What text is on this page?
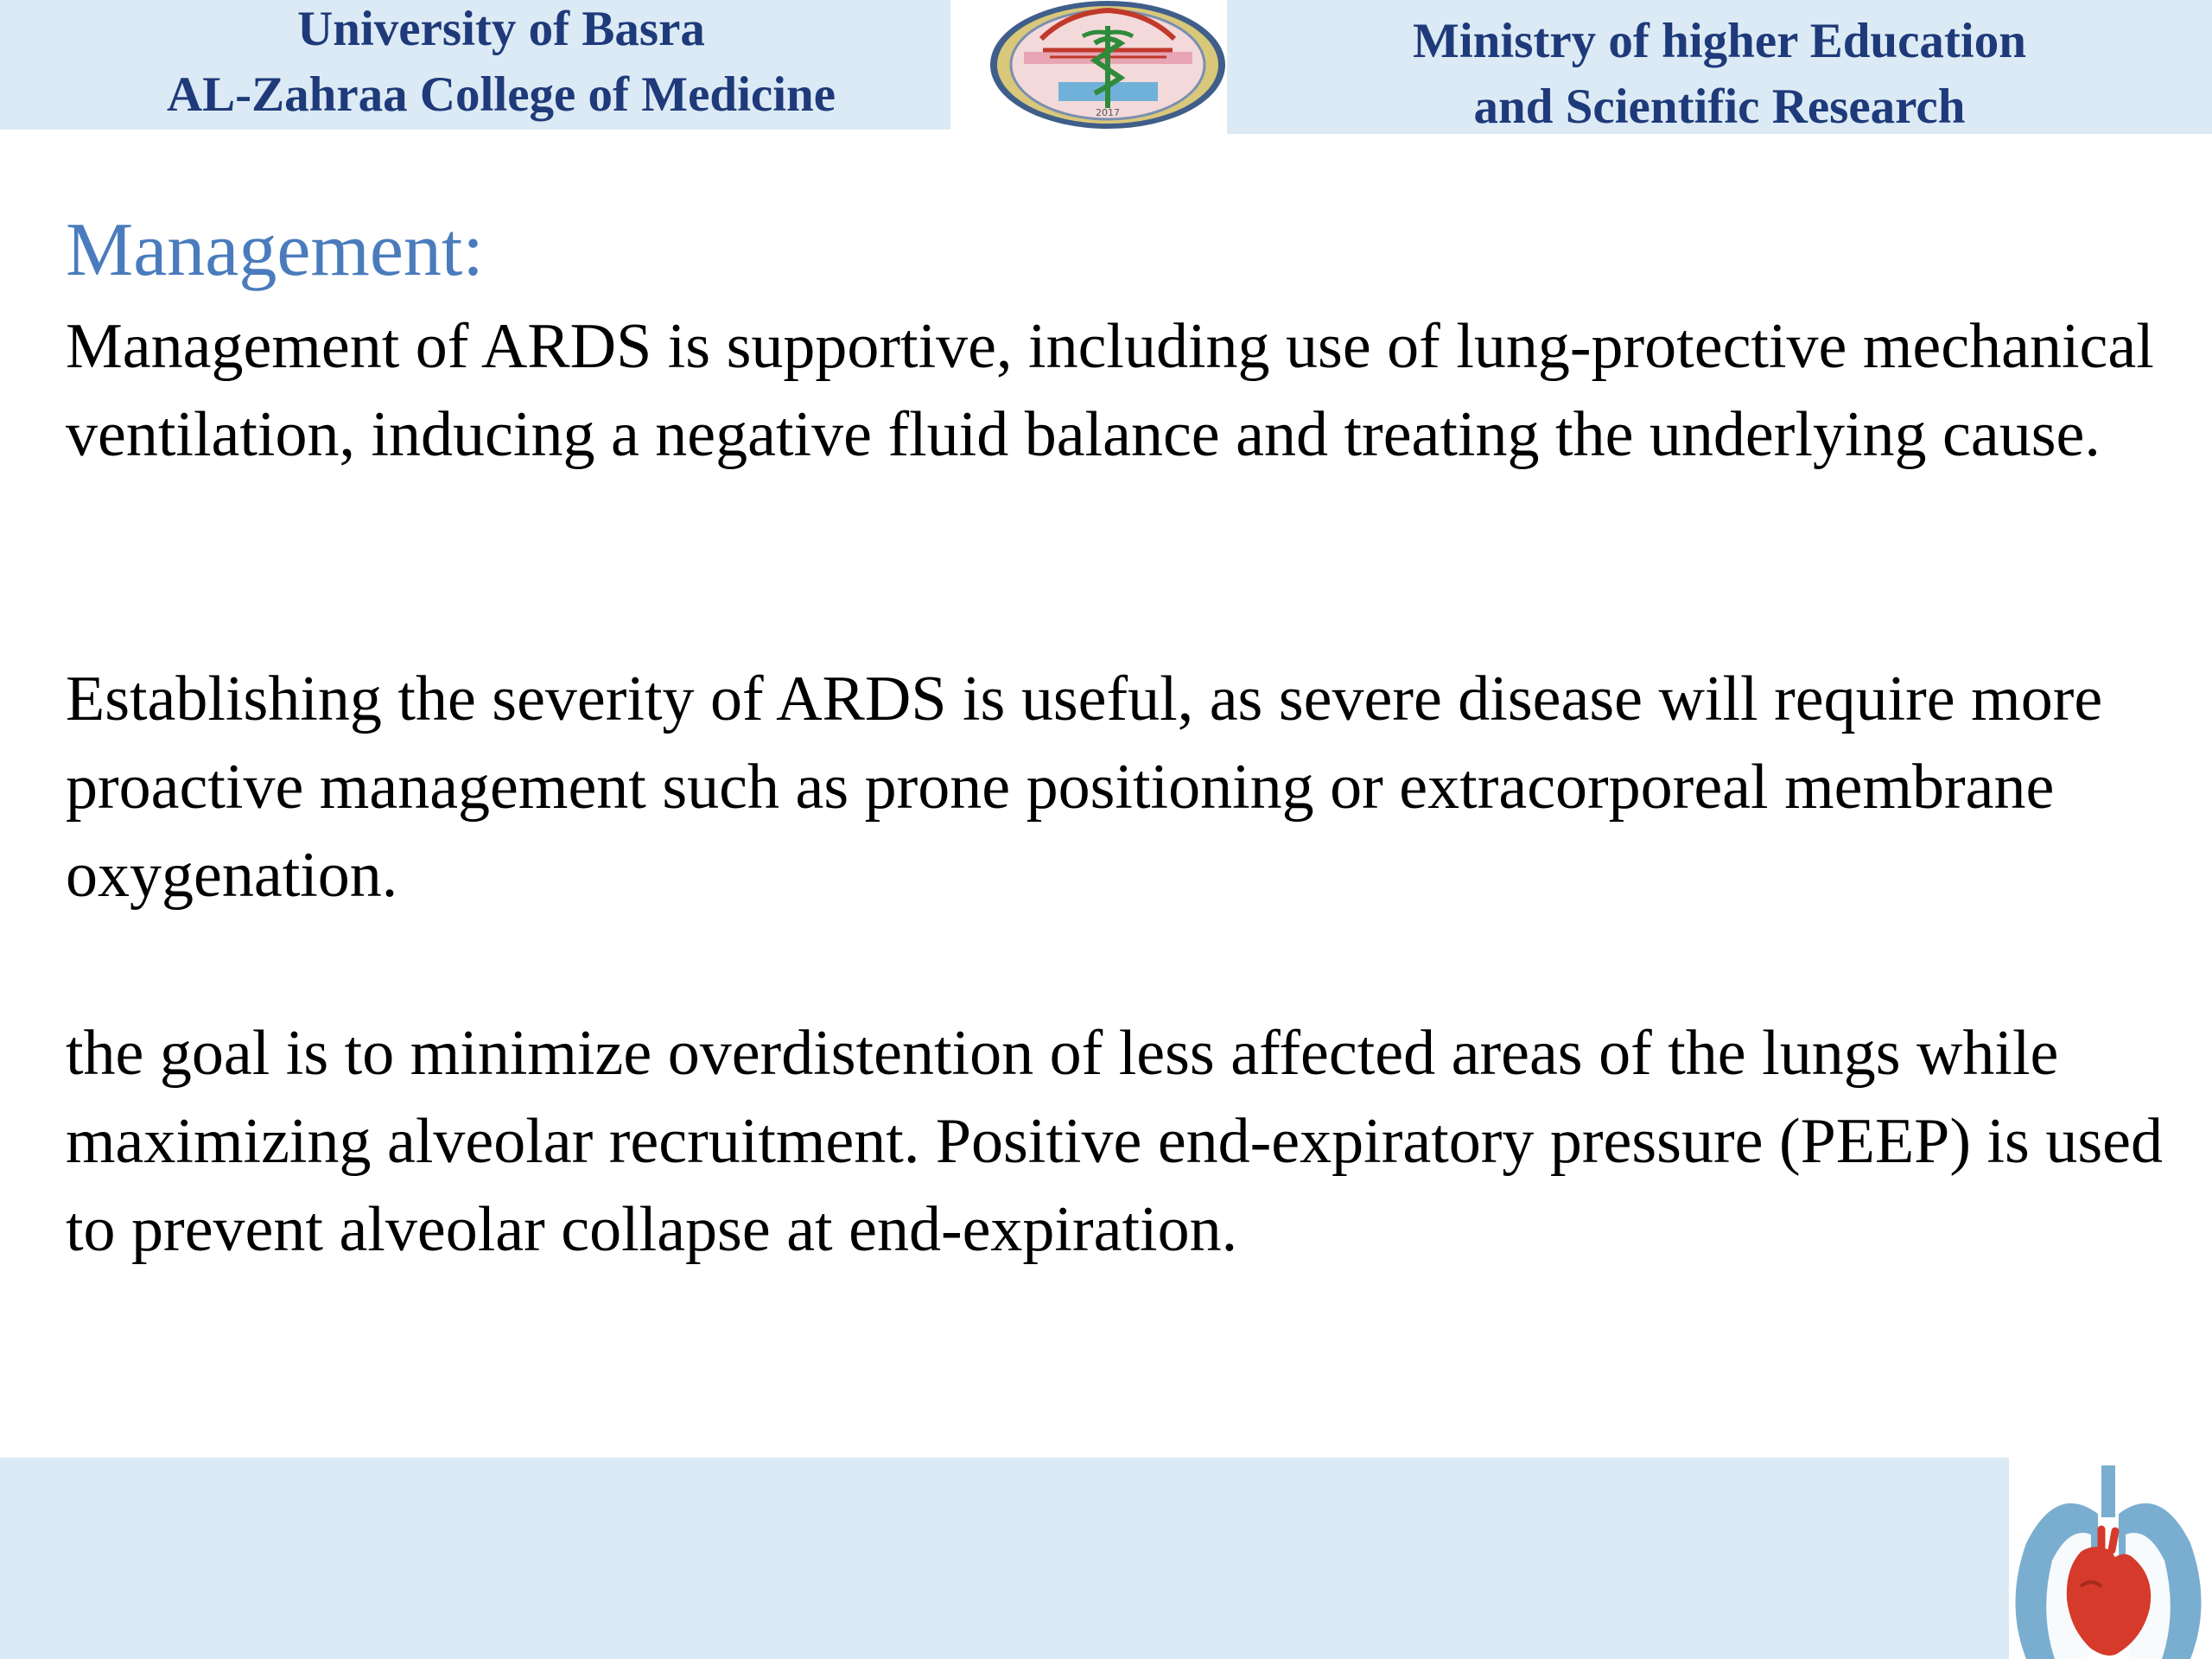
University of Basra
AL-Zahraa College of Medicine	2017
Ministry of higher Education
and Scientific Research
Management:

Management of ARDS is supportive, including use of lung-protective mechanical ventilation, inducing a negative fluid balance and treating the underlying cause.

Establishing the severity of ARDS is useful, as severe disease will require more proactive management such as prone positioning or extracorporeal membrane oxygenation.

the goal is to minimize overdistention of less affected areas of the lungs while maximizing alveolar recruitment. Positive end-expiratory pressure (PEEP) is used to prevent alveolar collapse at end-expiration.
